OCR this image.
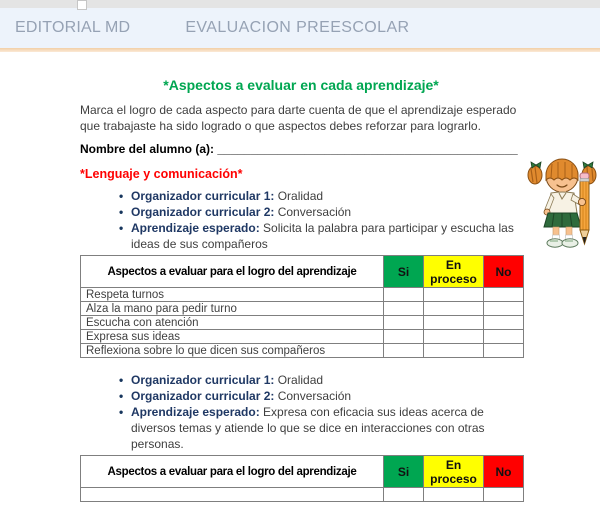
EDITORIAL MD	EVALUACION PREESCOLAR
*Aspectos a evaluar en cada aprendizaje*

Marca el logro de cada aspecto para darte cuenta de que el aprendizaje esperado que trabajaste ha sido logrado o que aspectos debes reforzar para lograrlo.

Nombre del alumno (a): _____________________________________________

*Lenguaje y comunicación*
• Organizador curricular 1: Oralidad
• Organizador curricular 2: Conversación
• Aprendizaje esperado: Solicita la palabra para participar y escucha las ideas de sus compañeros
Aspectos a evaluar para el logro del aprendizaje	Si	En proceso	No
Respeta turnos			
Alza la mano para pedir turno			
Escucha con atención			
Expresa sus ideas			
Reflexiona sobre lo que dicen sus compañeros			
• Organizador curricular 1: Oralidad
• Organizador curricular 2: Conversación
• Aprendizaje esperado: Expresa con eficacia sus ideas acerca de diversos temas y atiende lo que se dice en interacciones con otras personas.
Aspectos a evaluar para el logro del aprendizaje	Si	En proceso	No
